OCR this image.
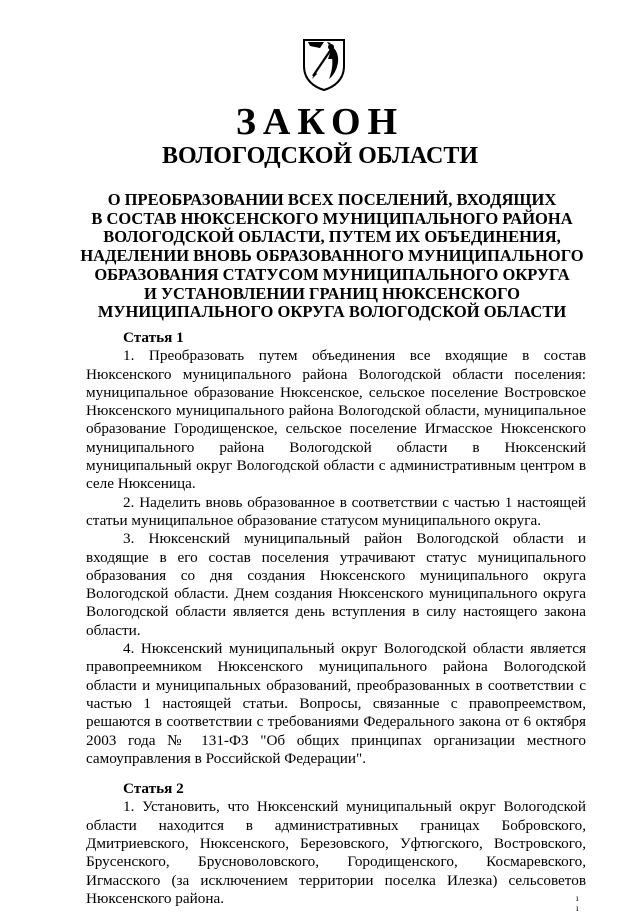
ЗАКОН
ВОЛОГОДСКОЙ ОБЛАСТИ
О ПРЕОБРАЗОВАНИИ ВСЕХ ПОСЕЛЕНИЙ, ВХОДЯЩИХ
В СОСТАВ НЮКСЕНСКОГО МУНИЦИПАЛЬНОГО РАЙОНА
ВОЛОГОДСКОЙ ОБЛАСТИ, ПУТЕМ ИХ ОБЪЕДИНЕНИЯ,
НАДЕЛЕНИИ ВНОВЬ ОБРАЗОВАННОГО МУНИЦИПАЛЬНОГО
ОБРАЗОВАНИЯ СТАТУСОМ МУНИЦИПАЛЬНОГО ОКРУГА
И УСТАНОВЛЕНИИ ГРАНИЦ НЮКСЕНСКОГО
МУНИЦИПАЛЬНОГО ОКРУГА ВОЛОГОДСКОЙ ОБЛАСТИ
Статья 1
1. Преобразовать путем объединения все входящие в состав Нюксенского муниципального района Вологодской области поселения: муниципальное образование Нюксенское, сельское поселение Востровское Нюксенского муниципального района Вологодской области, муниципальное образование Городищенское, сельское поселение Игмасское Нюксенского муниципального района Вологодской области в Нюксенский муниципальный округ Вологодской области с административным центром в селе Нюксеница.
2. Наделить вновь образованное в соответствии с частью 1 настоящей статьи муниципальное образование статусом муниципального округа.
3. Нюксенский муниципальный район Вологодской области и входящие в его состав поселения утрачивают статус муниципального образования со дня создания Нюксенского муниципального округа Вологодской области. Днем создания Нюксенского муниципального округа Вологодской области является день вступления в силу настоящего закона области.
4. Нюксенский муниципальный округ Вологодской области является правопреемником Нюксенского муниципального района Вологодской области и муниципальных образований, преобразованных в соответствии с частью 1 настоящей статьи. Вопросы, связанные с правопреемством, решаются в соответствии с требованиями Федерального закона от 6 октября 2003 года № 131-ФЗ "Об общих принципах организации местного самоуправления в Российской Федерации".
Статья 2
1. Установить, что Нюксенский муниципальный округ Вологодской области находится в административных границах Бобровского, Дмитриевского, Нюксенского, Березовского, Уфтюгского, Востровского, Брусенского, Брусноволовского, Городищенского, Космаревского, Игмасского (за исключением территории поселка Илезка) сельсоветов Нюксенского района.	ı ı
